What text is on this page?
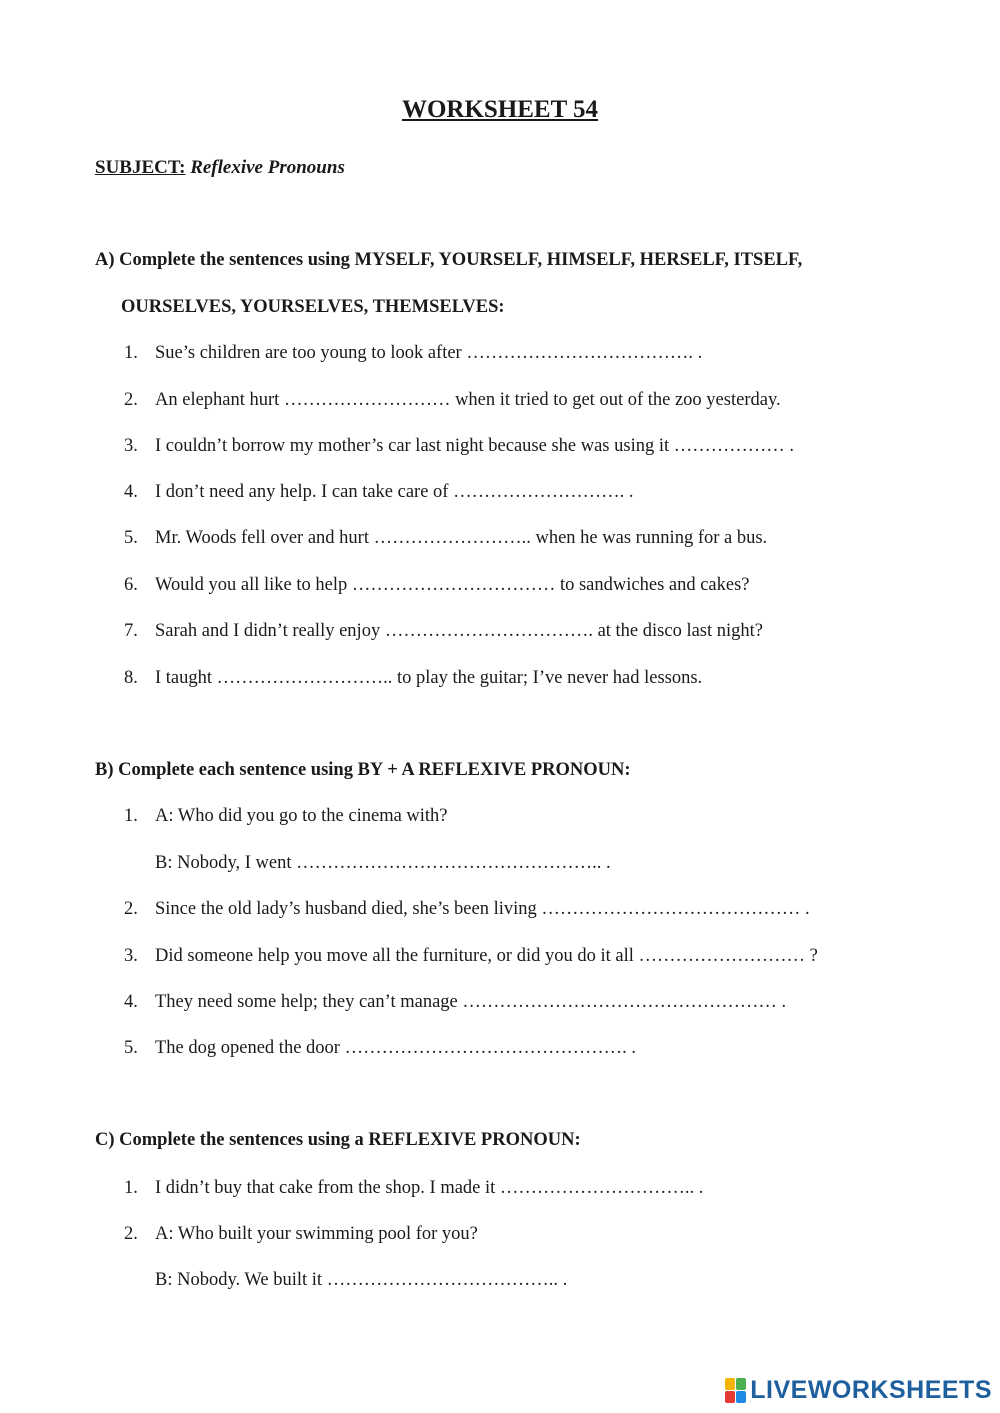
WORKSHEET 54
SUBJECT: Reflexive Pronouns
A) Complete the sentences using MYSELF, YOURSELF, HIMSELF, HERSELF, ITSELF,
OURSELVES, YOURSELVES, THEMSELVES:
1. Sue’s children are too young to look after ………………………………. .
2. An elephant hurt ……………………… when it tried to get out of the zoo yesterday.
3. I couldn’t borrow my mother’s car last night because she was using it ……………… .
4. I don’t need any help. I can take care of ………………………. .
5. Mr. Woods fell over and hurt …………………….. when he was running for a bus.
6. Would you all like to help …………………………… to sandwiches and cakes?
7. Sarah and I didn’t really enjoy ……………………………. at the disco last night?
8. I taught ……………………….. to play the guitar; I’ve never had lessons.
B) Complete each sentence using BY + A REFLEXIVE PRONOUN:
1. A: Who did you go to the cinema with?
B: Nobody, I went ………………………………………….. .
2. Since the old lady’s husband died, she’s been living …………………………………… .
3. Did someone help you move all the furniture, or did you do it all ……………………… ?
4. They need some help; they can’t manage …………………………………………… .
5. The dog opened the door ………………………………………. .
C) Complete the sentences using a REFLEXIVE PRONOUN:
1. I didn’t buy that cake from the shop. I made it ………………………….. .
2. A: Who built your swimming pool for you?
B: Nobody. We built it ……………………………….. .
LIVEWORKSHEETS
